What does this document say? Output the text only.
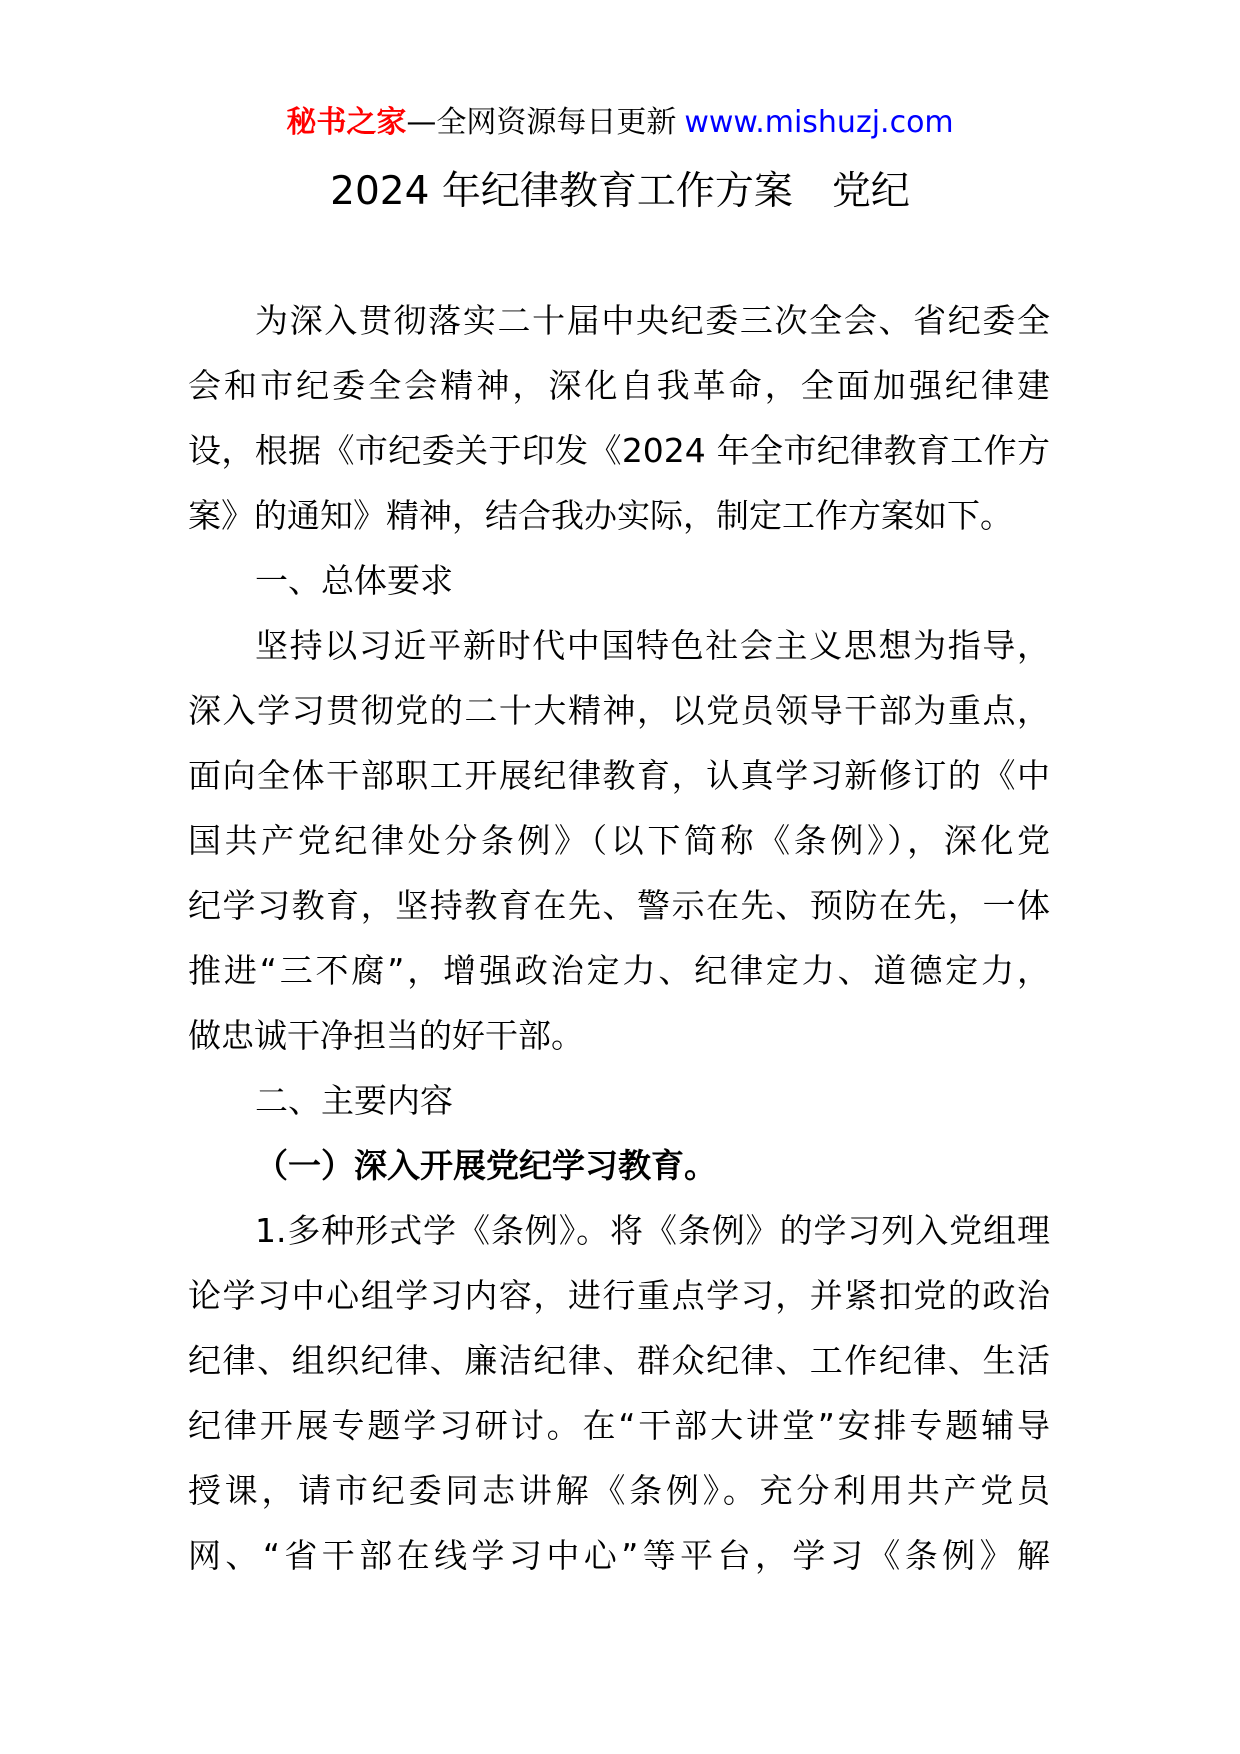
秘书之家—全网资源每日更新 www.mishuzj.com
2024 年纪律教育工作方案　党纪
为深入贯彻落实二十届中央纪委三次全会、省纪委全
会和市纪委全会精神，深化自我革命，全面加强纪律建
设，根据《市纪委关于印发《2024 年全市纪律教育工作方
案》的通知》精神，结合我办实际，制定工作方案如下。
一、总体要求
坚持以习近平新时代中国特色社会主义思想为指导，
深入学习贯彻党的二十大精神，以党员领导干部为重点，
面向全体干部职工开展纪律教育，认真学习新修订的《中
国共产党纪律处分条例》（以下简称《条例》），深化党
纪学习教育，坚持教育在先、警示在先、预防在先，一体
推进“三不腐”，增强政治定力、纪律定力、道德定力，
做忠诚干净担当的好干部。
二、主要内容
（一）深入开展党纪学习教育。
1.多种形式学《条例》。将《条例》的学习列入党组理
论学习中心组学习内容，进行重点学习，并紧扣党的政治
纪律、组织纪律、廉洁纪律、群众纪律、工作纪律、生活
纪律开展专题学习研讨。在“干部大讲堂”安排专题辅导
授课，请市纪委同志讲解《条例》。充分利用共产党员
网、“省干部在线学习中心”等平台，学习《条例》解
